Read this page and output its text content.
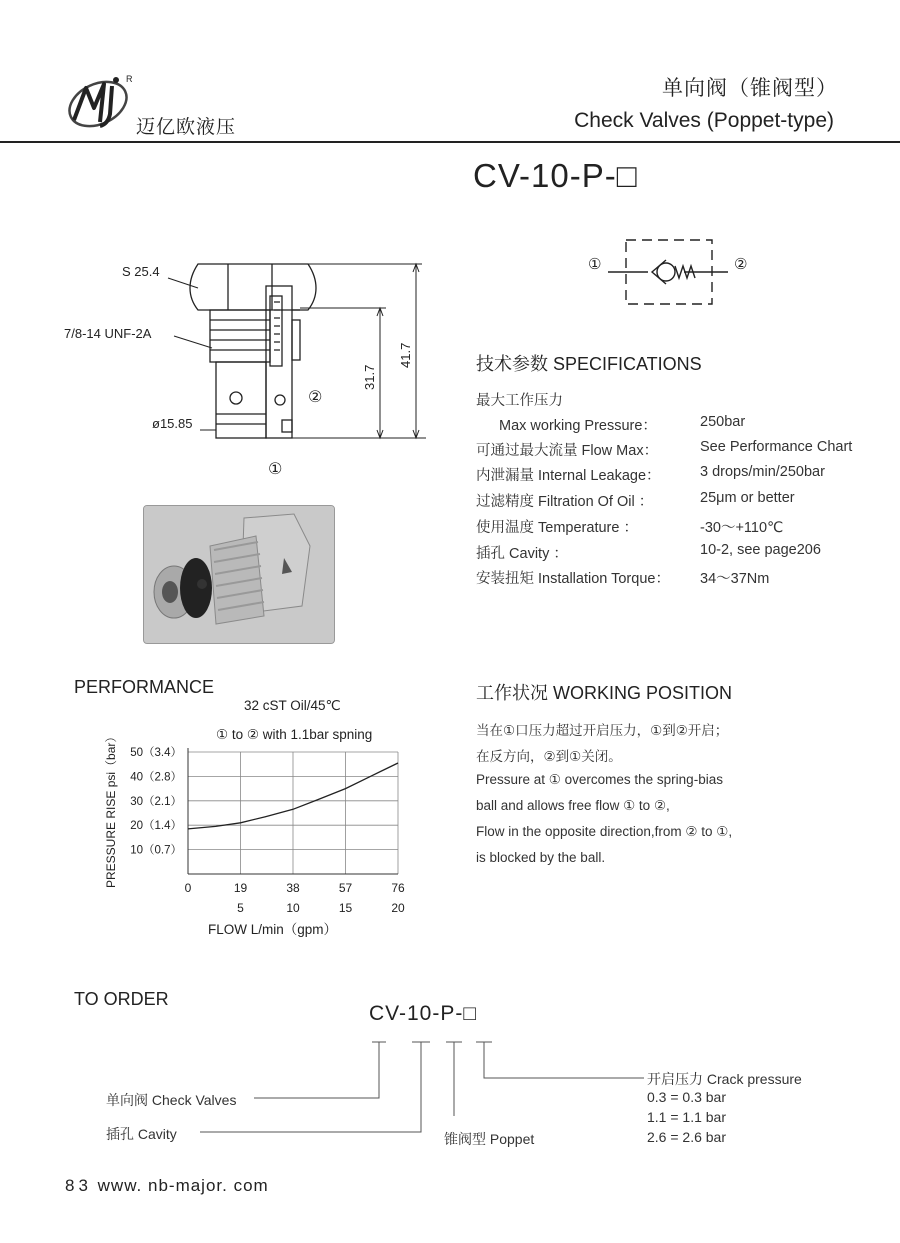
R
迈亿欧液压
单向阀（锥阀型）
Check Valves (Poppet-type)
CV-10-P-□
S 25.4
7/8-14 UNF-2A
ø15.85
31.7
41.7
②
①
①	②
技术参数 SPECIFICATIONS
最大工作压力
Max working Pressure：	250bar
可通过最大流量 Flow Max：	See Performance Chart
内泄漏量 Internal Leakage：	3 drops/min/250bar
过滤精度 Filtration Of Oil ：	25μm or better
使用温度 Temperature ：	-30～+110℃
插孔 Cavity ：	10-2, see page206
安装扭矩 Installation Torque： 34～37Nm
PERFORMANCE
32 cST Oil/45℃
① to ② with 1.1bar spning
PRESSURE RISE psi（bar）
FLOW L/min（gpm）
10（0.7）
20（1.4）
30（2.1）
40（2.8）
50（3.4）
0	19	38	57	76
5	10	15	20
工作状况 WORKING POSITION
当在①口压力超过开启压力，①到②开启；
在反方向，②到①关闭。
Pressure at ① overcomes the spring-bias
ball and allows free flow ① to ②,
Flow in the opposite direction,from ② to ①,
is blocked by the ball.
TO ORDER
CV-10-P-□
单向阀 Check Valves
插孔 Cavity	锥阀型 Poppet
开启压力 Crack pressure
0.3 = 0.3 bar
1.1 = 1.1 bar
2.6 = 2.6 bar
83 www. nb-major. com
